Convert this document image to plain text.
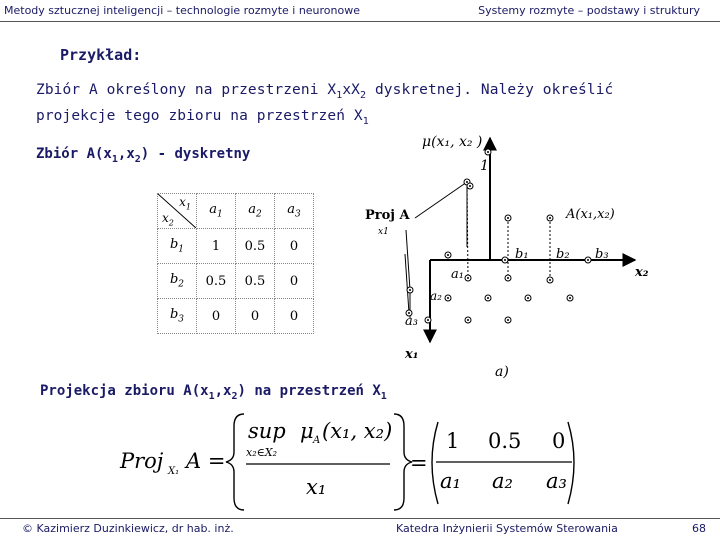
Metody sztucznej inteligencji – technologie rozmyte i neuronowe	Systemy rozmyte – podstawy i struktury
Przykład:
Zbiór A określony na przestrzeni $X_1xX_2$ dyskretnej. Należy określić
projekcje tego zbioru na przestrzeń $X_1$
Zbiór $A(x_1,x_2)$ - dyskretny
$x_1$
$x_2$	$a_1$	$a_2$	$a_3$
$b_1$	1	0.5	0
$b_2$	0.5	0.5	0
$b_3$	0	0	0
μ(x₁, x₂ )
1
Proj A
x1
A(x₁,x₂)
b₁ b₂ b₃
a₁
a₂
a₃
x₂
x₁
a)
Projekcja zbioru $A(x_1,x_2)$ na przestrzeń $X_1$
Proj X₁ A =
sup μ A (x₁, x₂)
x₂∈X₂
x₁
=
1 0.5 0
a₁ a₂ a₃
© Kazimierz Duzinkiewicz, dr hab. inż.	Katedra Inżynierii Systemów Sterowania	68
